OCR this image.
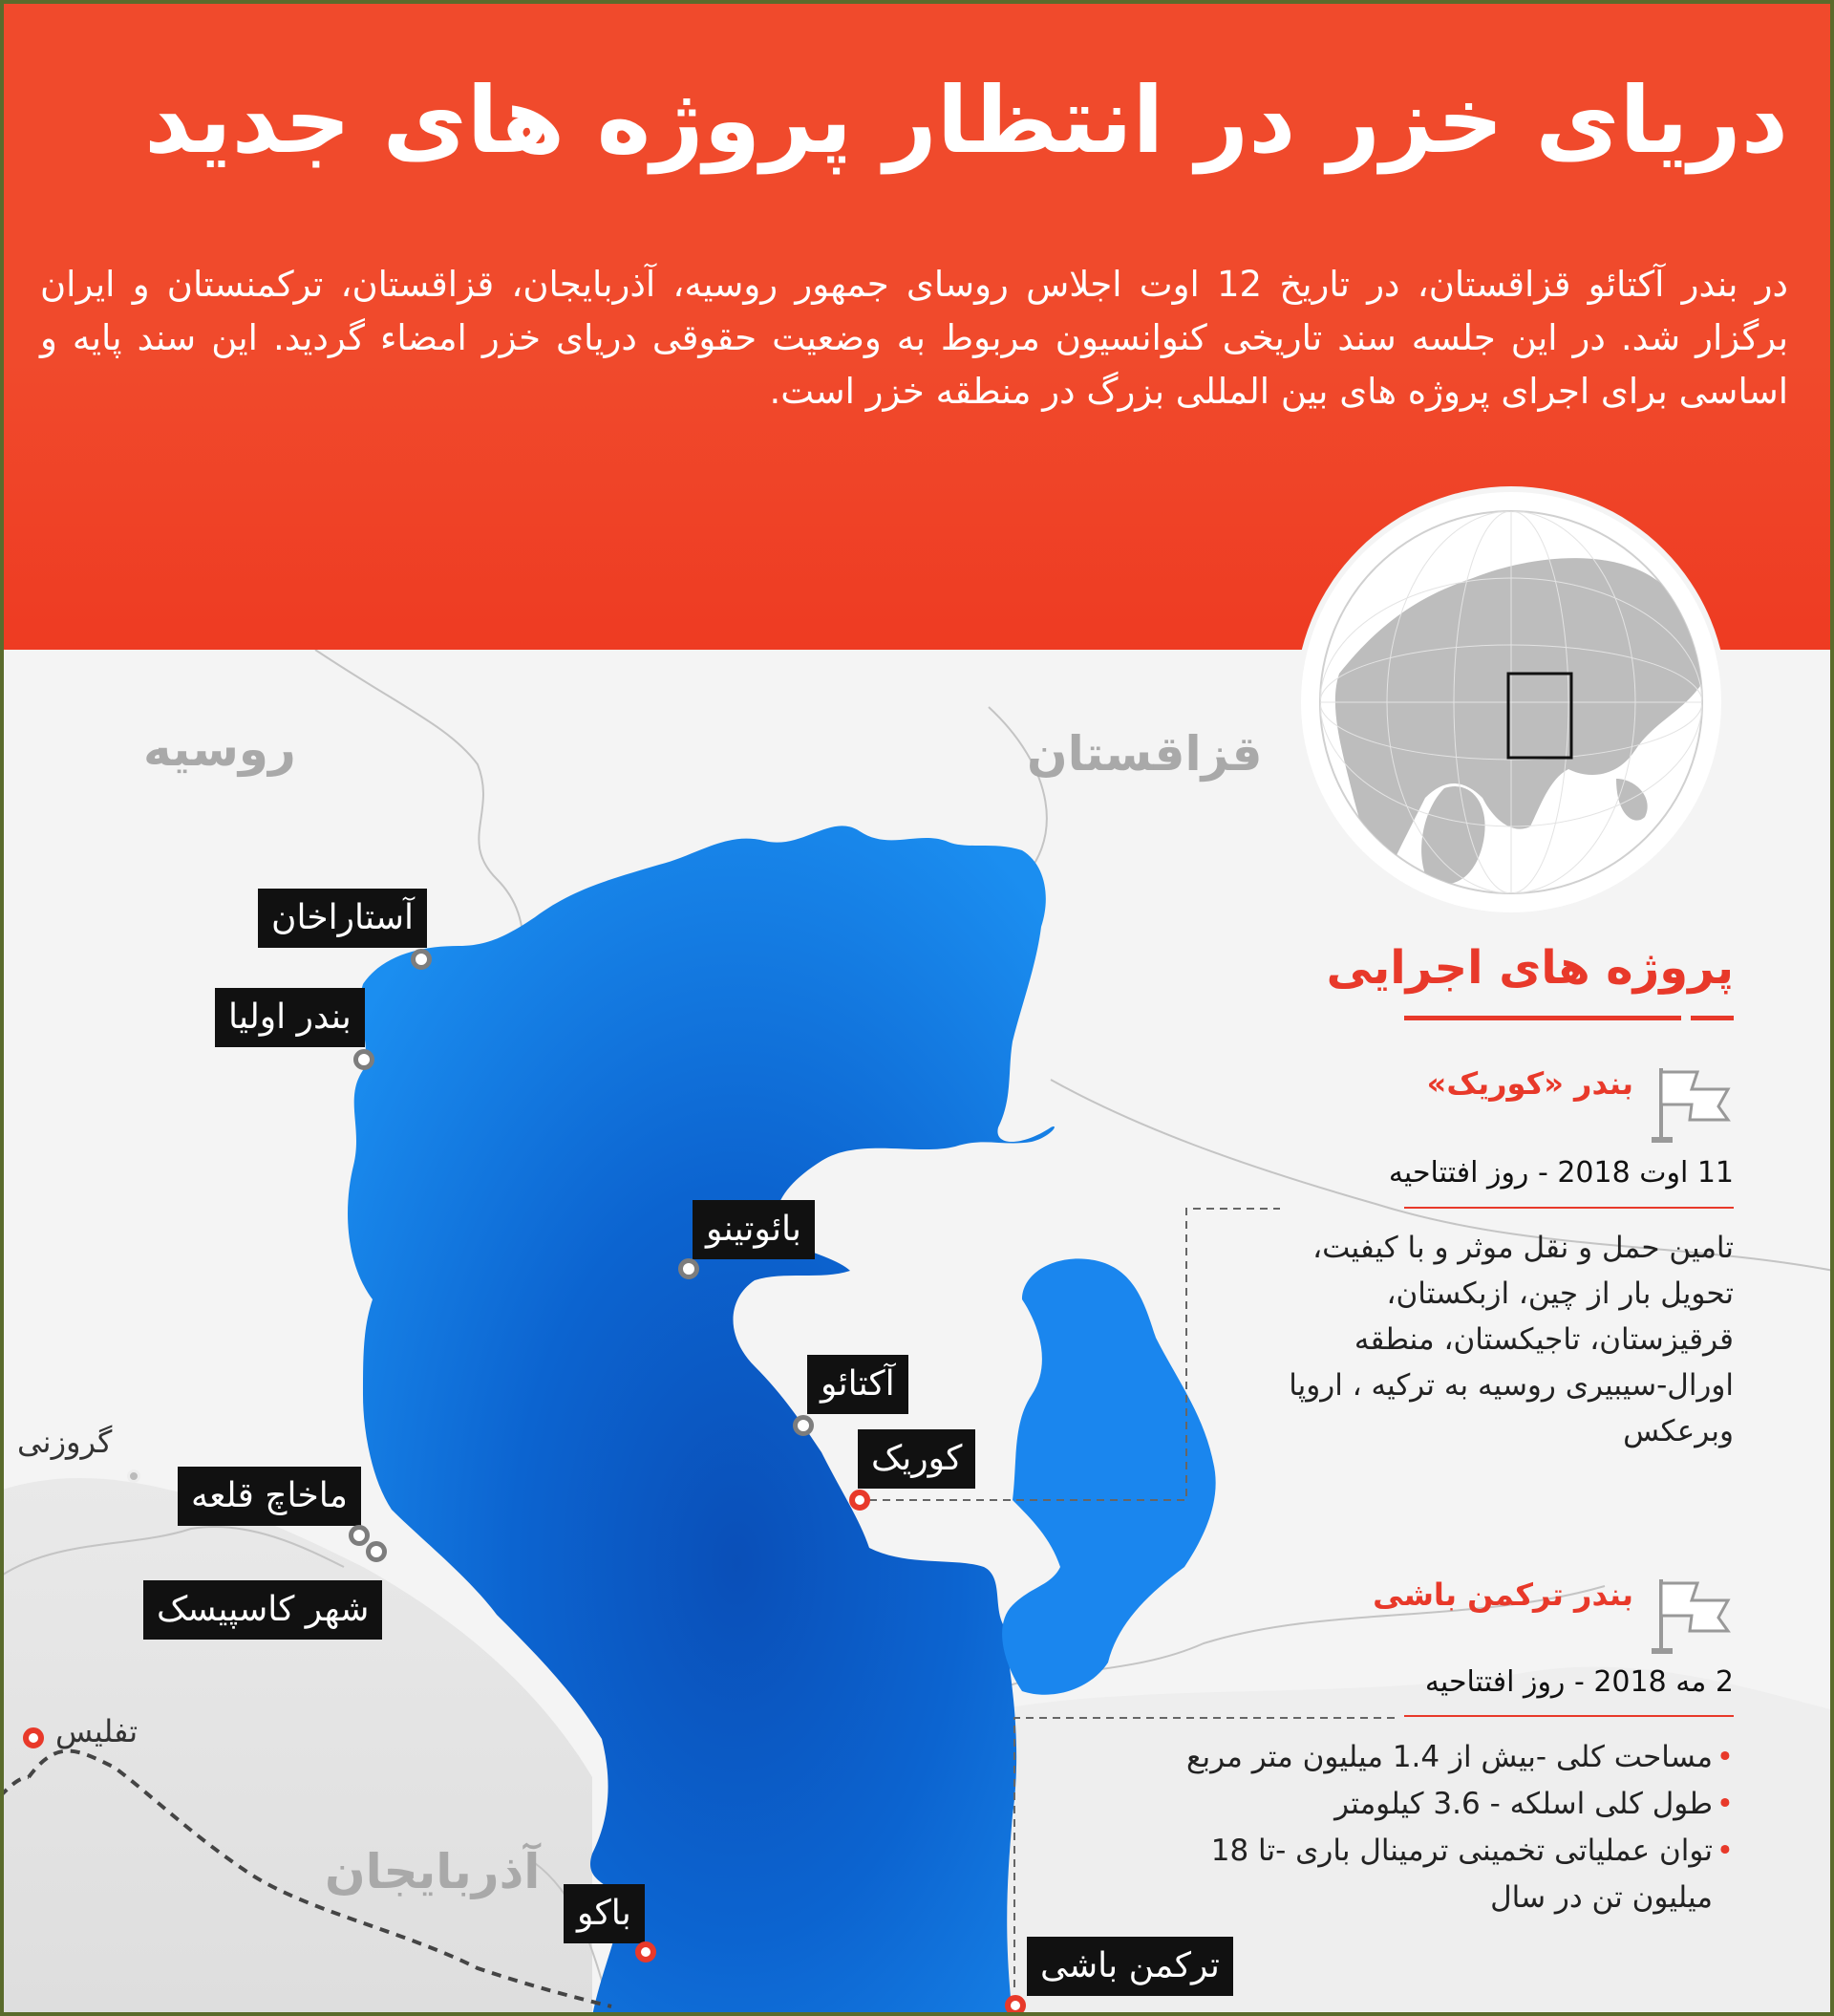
دریای خزر در انتظار پروژه های جدید

در بندر آکتائو قزاقستان، در تاریخ 12 اوت اجلاس روسای جمهور روسیه، آذربایجان، قزاقستان، ترکمنستان و ایران برگزار شد. در این جلسه سند تاریخی کنوانسیون مربوط به وضعیت حقوقی دریای خزر امضاء گردید. این سند پایه و اساسی برای اجرای پروژه های بین المللی بزرگ در منطقه خزر است.

روسیه	قزاقستان
آذربایجان
آستاراخان
بندر اولیا
بائوتینو
آکتائو
کوریک
گروزنی
ماخاچ قلعه
شهر کاسپیسک
تفلیس
باکو
ترکمن باشی
پروژه های اجرایی
بندر «کوریک»
11 اوت 2018 - روز افتتاحیه
تامین حمل و نقل موثر و با کیفیت، تحویل بار از چین، ازبکستان، قرقیزستان، تاجیکستان، منطقه اورال-سیبیری روسیه به ترکیه ، اروپا وبرعکس
بندر ترکمن باشی
2 مه 2018 - روز افتتاحیه
• مساحت کلی -بیش از 1.4 میلیون متر مربع
• طول کلی اسلکه - 3.6 کیلومتر
• توان عملیاتی تخمینی ترمینال باری -تا 18 میلیون تن در سال
